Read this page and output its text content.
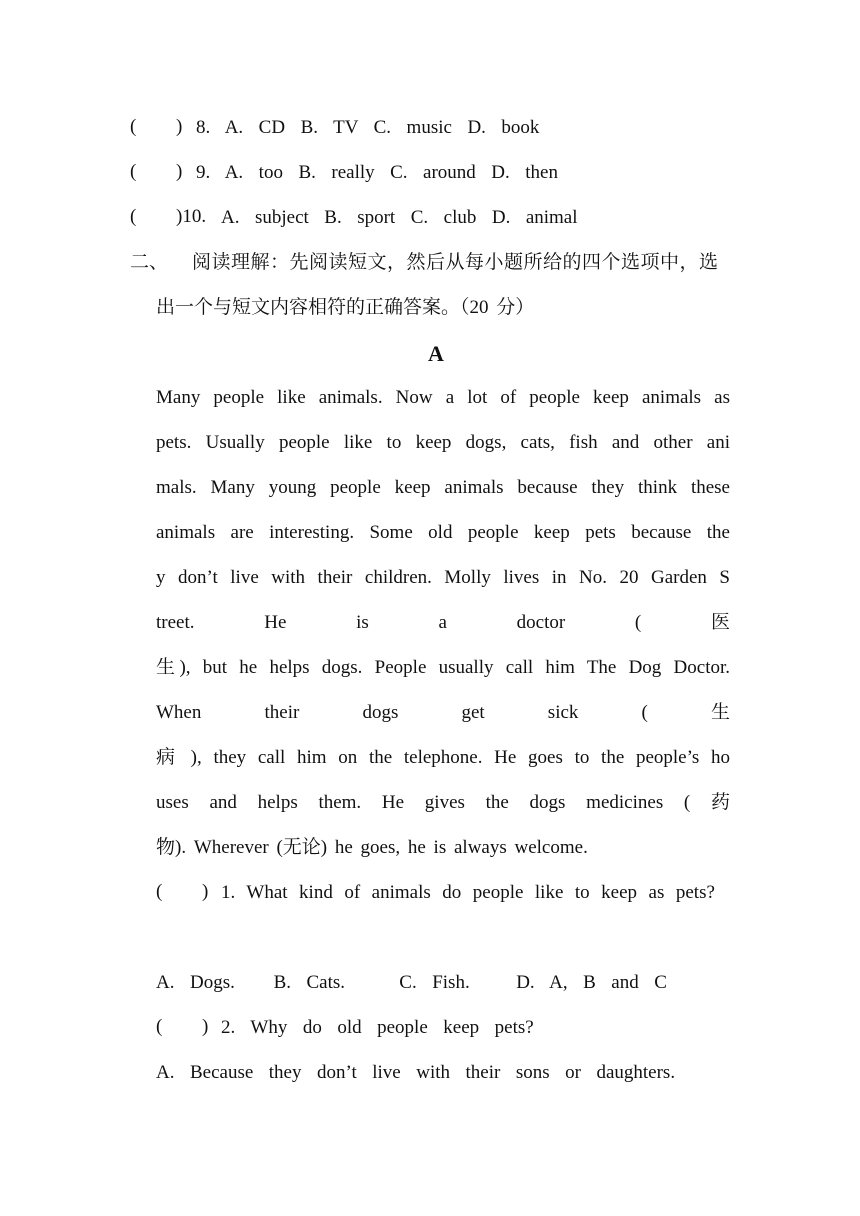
( ) 8.  A.  CD  B.  TV  C.  music  D.  book
( ) 9.  A.  too  B.  really  C.  around  D.  then
( )10. A.  subject  B.  sport  C.  club  D.  animal
二、 阅读理解：先阅读短文，然后从每小题所给的四个选项中，选
出一个与短文内容相符的正确答案。（20 分）
A
Many people like animals. Now a lot of people keep animals as
pets. Usually people like to keep dogs, cats, fish and other ani
mals. Many young people keep animals because they think these
animals are interesting. Some old people keep pets because the
y don’t live with their children. Molly lives in No. 20 Garden S
treet. He is a doctor ( 医
生), but he helps dogs. People usually call him The Dog Doctor.
When their dogs get sick ( 生
病 ), they call him on the telephone. He goes to the people’s ho
uses and helps them. He gives the dogs medicines ( 药
物). Wherever (无论) he goes, he is always welcome.
( ) 1.  What  kind  of  animals  do  people  like  to  keep  as  pets?
A.  Dogs.     B.  Cats.       C.  Fish.      D.  A,  B  and  C
( ) 2.  Why  do  old  people  keep  pets?
A.  Because  they  don’t  live  with  their  sons  or  daughters.
